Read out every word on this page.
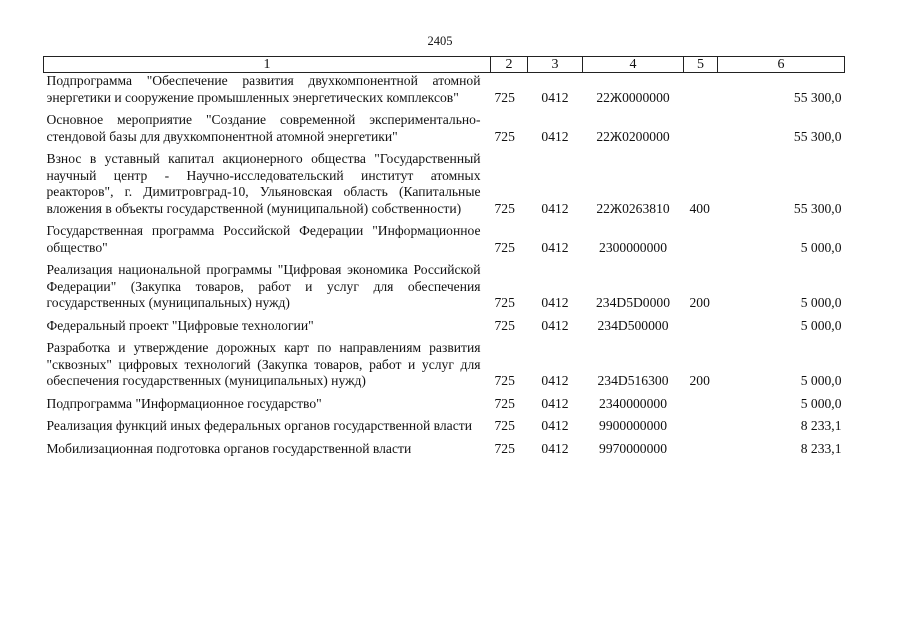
2405
1	2	3	4	5	6
Подпрограмма "Обеспечение развития двухкомпонентной атомной энергетики и сооружение промышленных энергетических комплексов"	725	0412	22Ж0000000		55 300,0
Основное мероприятие "Создание современной экспериментально-стендовой базы для двухкомпонентной атомной энергетики"	725	0412	22Ж0200000		55 300,0
Взнос в уставный капитал акционерного общества "Государственный научный центр - Научно-исследовательский институт атомных реакторов", г. Димитровград-10, Ульяновская область (Капитальные вложения в объекты государственной (муниципальной) собственности)	725	0412	22Ж0263810	400	55 300,0
Государственная программа Российской Федерации "Информационное общество"	725	0412	2300000000		5 000,0
Реализация национальной программы "Цифровая экономика Российской Федерации" (Закупка товаров, работ и услуг для обеспечения государственных (муниципальных) нужд)	725	0412	234D5D0000	200	5 000,0
Федеральный проект "Цифровые технологии"	725	0412	234D500000		5 000,0
Разработка и утверждение дорожных карт по направлениям развития "сквозных" цифровых технологий (Закупка товаров, работ и услуг для обеспечения государственных (муниципальных) нужд)	725	0412	234D516300	200	5 000,0
Подпрограмма "Информационное государство"	725	0412	2340000000		5 000,0
Реализация функций иных федеральных органов государственной власти	725	0412	9900000000		8 233,1
Мобилизационная подготовка органов государственной власти	725	0412	9970000000		8 233,1
